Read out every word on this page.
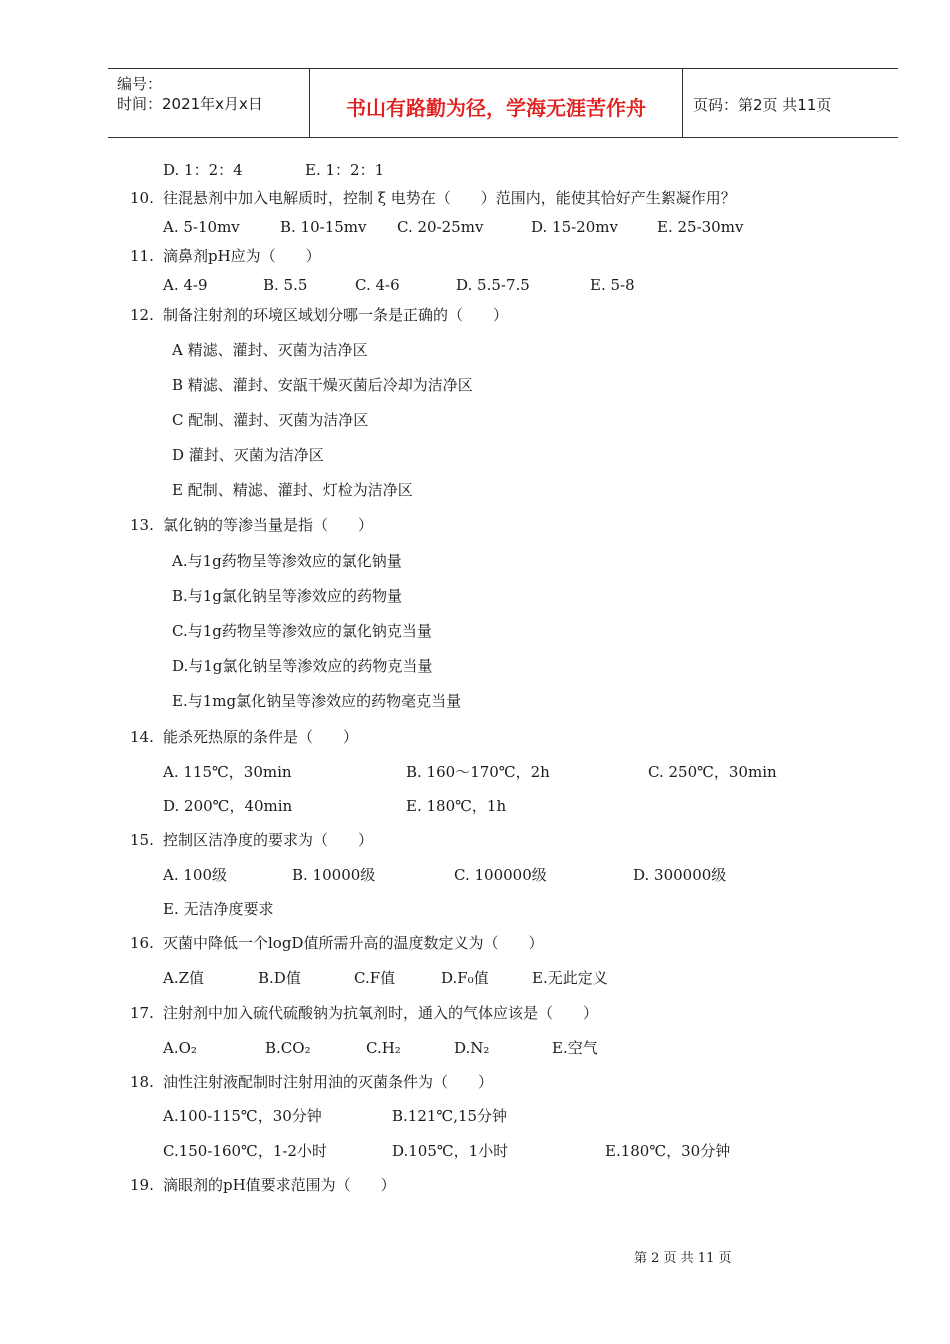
编号：
时间：2021年x月x日	书山有路勤为径，学海无涯苦作舟	页码：第2页 共11页
D. 1：2：4	E. 1：2：1
10. 往混悬剂中加入电解质时，控制 ξ 电势在（　　）范围内，能使其恰好产生絮凝作用？
A. 5-10mv	B. 10-15mv C. 20-25mv	D. 15-20mv	E. 25-30mv
11. 滴鼻剂pH应为（　　）
A. 4-9	B. 5.5	C. 4-6	D. 5.5-7.5	E. 5-8
12. 制备注射剂的环境区域划分哪一条是正确的（　　）
A 精滤、灌封、灭菌为洁净区
B 精滤、灌封、安瓿干燥灭菌后冷却为洁净区
C 配制、灌封、灭菌为洁净区
D 灌封、灭菌为洁净区
E 配制、精滤、灌封、灯检为洁净区
13. 氯化钠的等渗当量是指（　　）
A.与1g药物呈等渗效应的氯化钠量
B.与1g氯化钠呈等渗效应的药物量
C.与1g药物呈等渗效应的氯化钠克当量
D.与1g氯化钠呈等渗效应的药物克当量
E.与1mg氯化钠呈等渗效应的药物毫克当量
14. 能杀死热原的条件是（　　）
A. 115℃，30min	B. 160～170℃，2h	C. 250℃，30min
D. 200℃，40min	E. 180℃，1h
15. 控制区洁净度的要求为（　　）
A. 100级	B. 10000级	C. 100000级	D. 300000级
E. 无洁净度要求
16. 灭菌中降低一个logD值所需升高的温度数定义为（　　）
A.Z值	B.D值	C.F值	D.F₀值	E.无此定义
17. 注射剂中加入硫代硫酸钠为抗氧剂时，通入的气体应该是（　　）
A.O₂	B.CO₂	C.H₂	D.N₂	E.空气
18. 油性注射液配制时注射用油的灭菌条件为（　　）
A.100-115℃，30分钟	B.121℃,15分钟
C.150-160℃，1-2小时	D.105℃，1小时	E.180℃，30分钟
19. 滴眼剂的pH值要求范围为（　　）
第 2 页 共 11 页
